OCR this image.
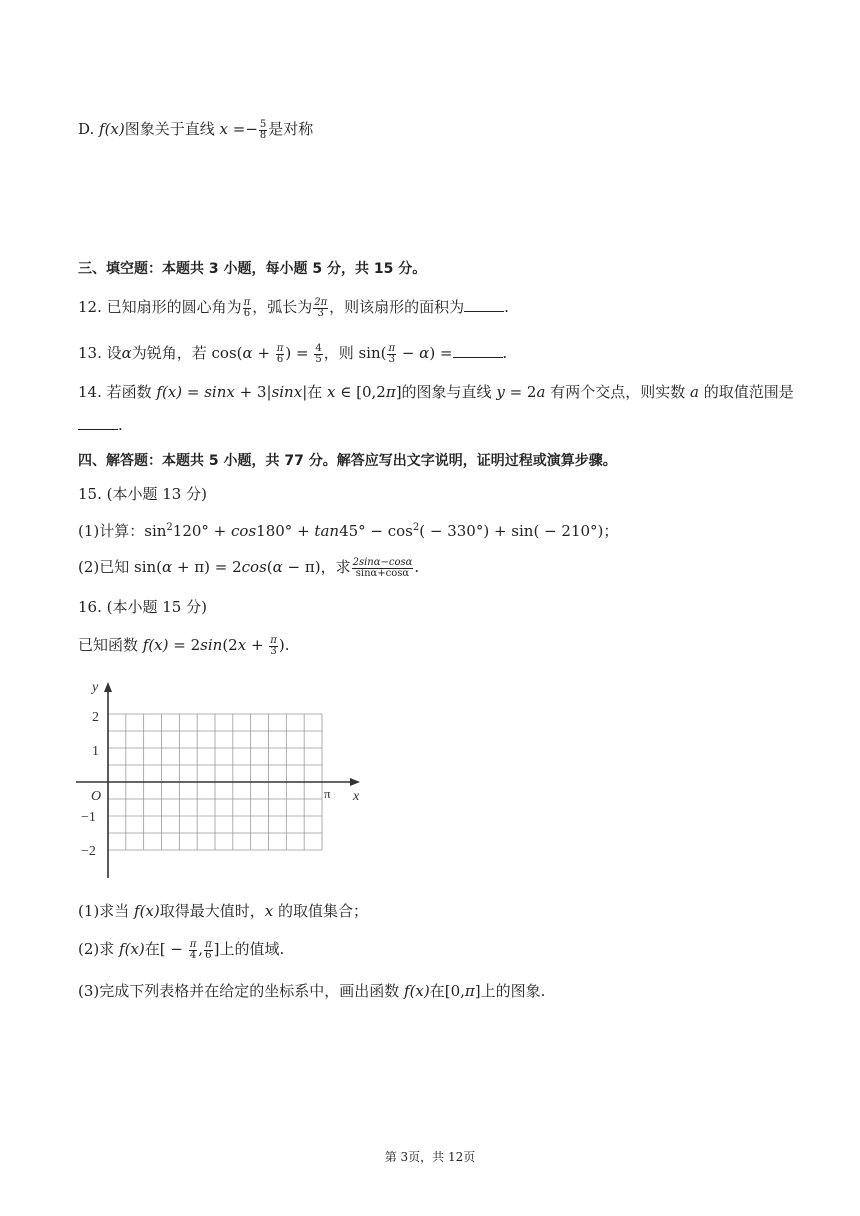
D. f(x)图象关于直线 $x =- \frac{5}{8}$ 是对称
三、填空题：本题共 3 小题，每小题 5 分，共 15 分。
12. 已知扇形的圆心角为 $\frac{\pi}{6}$ ，弧长为 $\frac{2\pi}{3}$ ，则该扇形的面积为	.
13. 设α为锐角，若 $\cos(\alpha + \frac{\pi}{6}$ ) = $\frac{4}{5}$ ，则 $\sin( \frac{\pi}{3} - \alpha)$ =	.
14. 若函数 f(x) = sinx + 3|sinx|在 x ∈ [0,2π]的图象与直线 y = 2a 有两个交点，则实数 a 的取值范围是
.
四、解答题：本题共 5 小题，共 77 分。解答应写出文字说明，证明过程或演算步骤。
15. (本小题 13 分)
(1)计算：$\sin^2120^\circ + \cos 180^\circ + \tan 45^\circ - \cos^2( - 330^\circ) + \sin( - 210^\circ)$；
(2)已知 sin(α + π) = 2cos(α − π)，求 $\frac{2\sin\alpha-\cos\alpha}{\sin\alpha+\cos\alpha}$ .
16. (本小题 15 分)
已知函数 $f(x) = 2\sin(2x + \frac{\pi}{3}$ ).
y
x
O	π
2
1
−1
−2
(1)求当 f(x)取得最大值时，x 的取值集合；
(2)求 f(x)在[ − $\frac{\pi}{4}$ , $\frac{\pi}{6}$ ]上的值域.
(3)完成下列表格并在给定的坐标系中，画出函数 f(x)在[0,π]上的图象.
第 3页，共 12页
